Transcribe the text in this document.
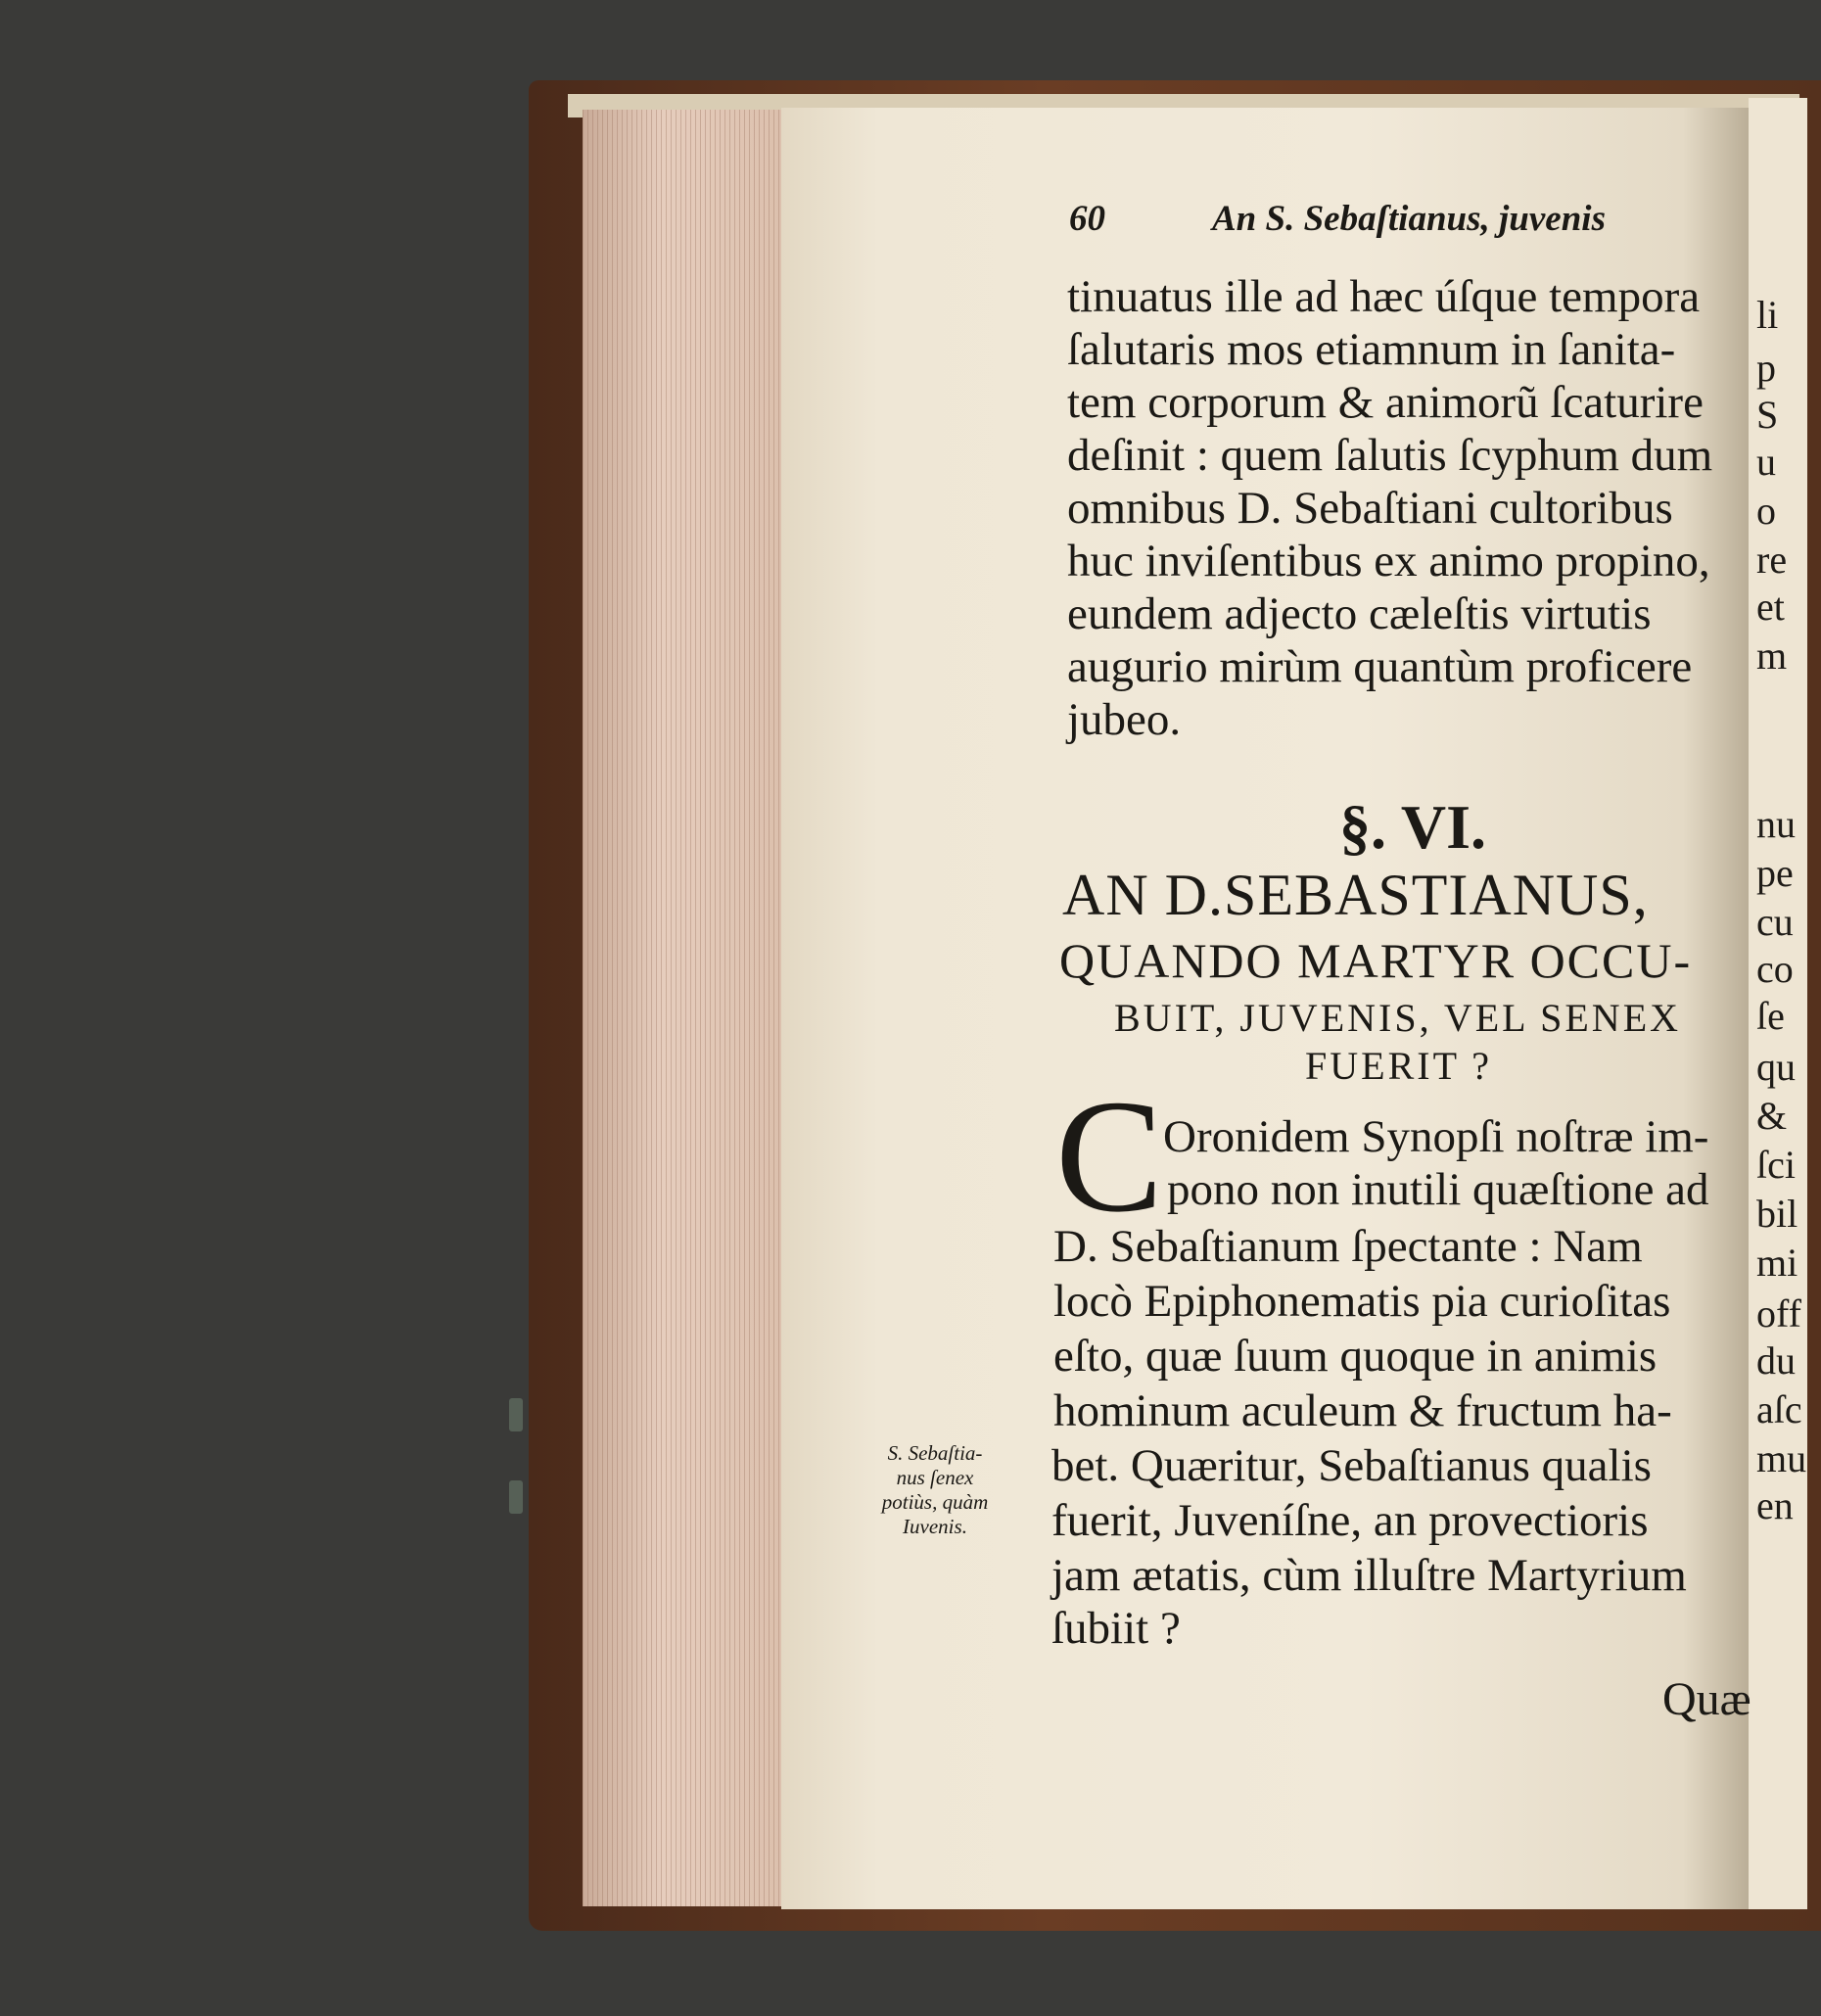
li
p
S
u
o
re
et
m
nu
pe
cu
co
ſe
qu
&
ſci
bil
mi
off
du
aſc
mu
en
60	An S. Sebaſtianus, juvenis
tinuatus ille ad hæc úſque tempora
ſalutaris mos etiamnum in ſanita-
tem corporum & animorũ ſcaturire
deſinit : quem ſalutis ſcyphum dum
omnibus D. Sebaſtiani cultoribus
huc inviſentibus ex animo propino,
eundem adjecto cæleſtis virtutis
augurio mirùm quantùm proficere
jubeo.
§. VI.
AN D.SEBASTIANUS,
QUANDO MARTYR OCCU-
BUIT, JUVENIS, VEL SENEX
FUERIT ?
C Oronidem Synopſi noſtræ im-
pono non inutili quæſtione ad
D. Sebaſtianum ſpectante : Nam
locò Epiphonematis pia curioſitas
eſto, quæ ſuum quoque in animis
hominum aculeum & fructum ha-
bet. Quæritur, Sebaſtianus qualis
fuerit, Juveníſne, an provectioris
jam ætatis, cùm illuſtre Martyrium
ſubiit ?
S. Sebaſtia-
nus ſenex
potiùs, quàm
Iuvenis.
Quæ
